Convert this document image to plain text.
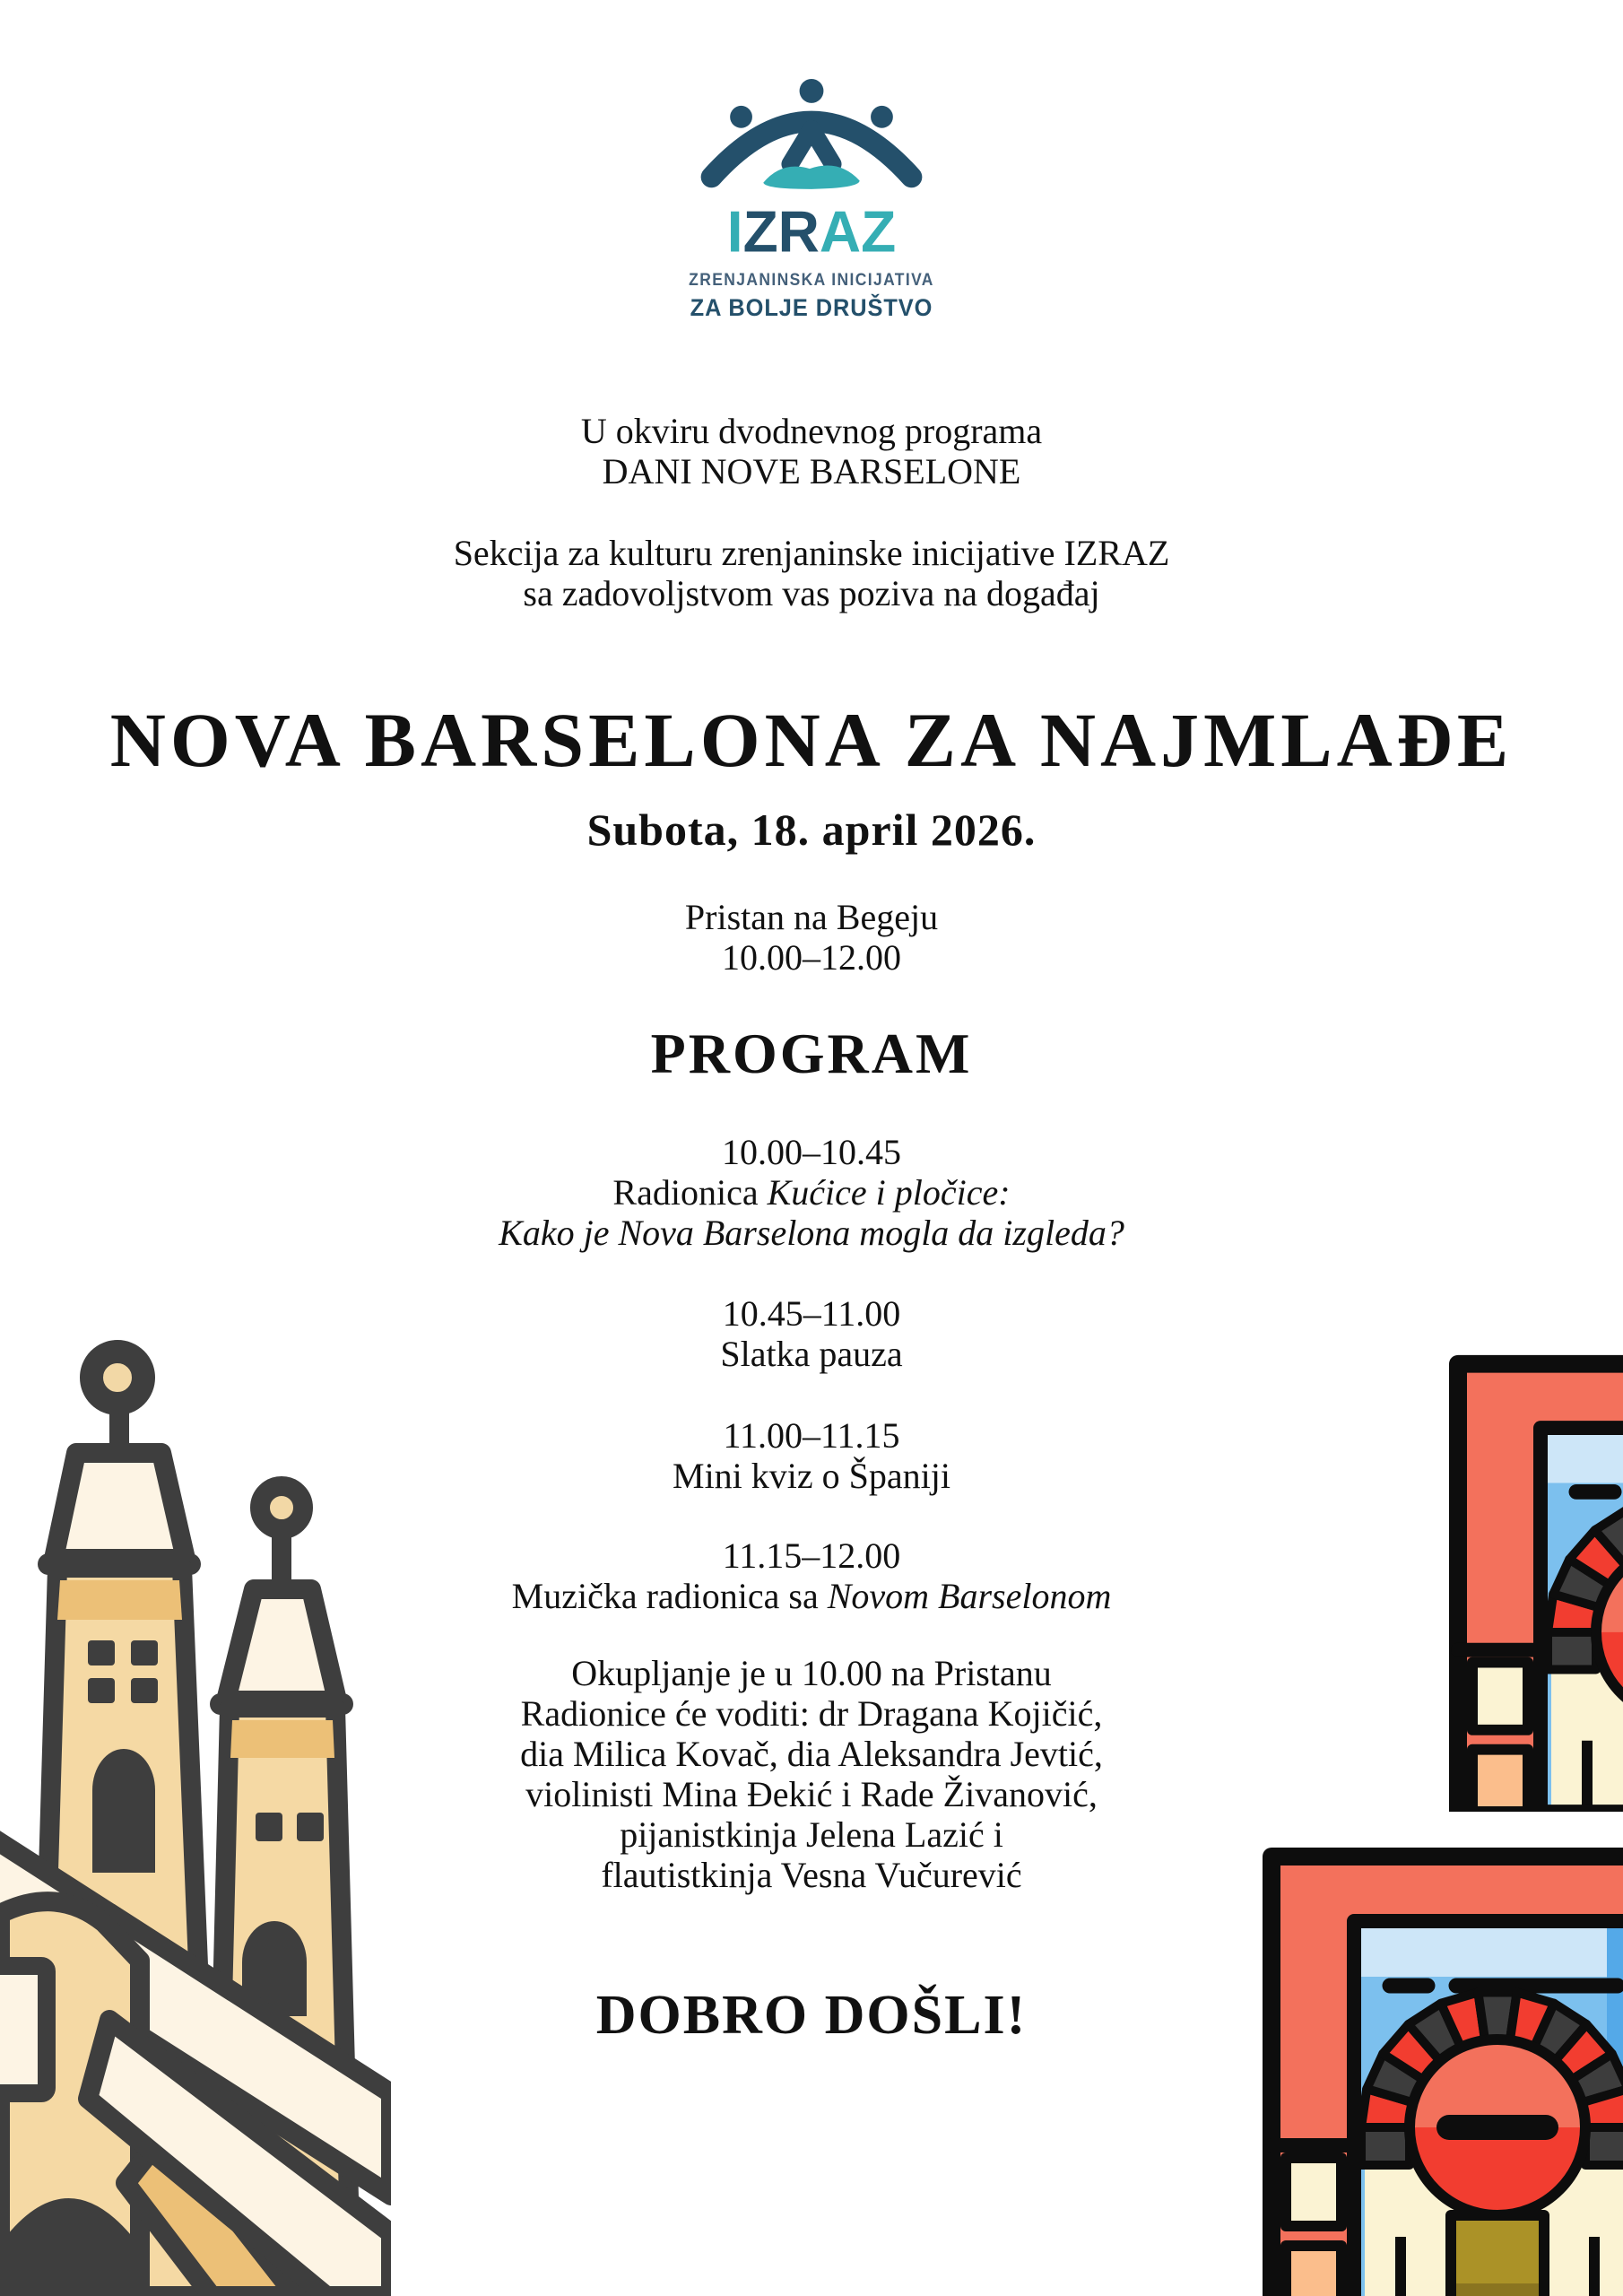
IZRAZ
ZRENJANINSKA INICIJATIVA
ZA BOLJE DRUŠTVO
U okviru dvodnevnog programa
DANI NOVE BARSELONE
Sekcija za kulturu zrenjaninske inicijative IZRAZ
sa zadovoljstvom vas poziva na događaj
NOVA BARSELONA ZA NAJMLAĐE
Subota, 18. april 2026.
Pristan na Begeju
10.00–12.00
PROGRAM
10.00–10.45
Radionica Kućice i pločice:
Kako je Nova Barselona mogla da izgleda?
10.45–11.00
Slatka pauza
11.00–11.15
Mini kviz o Španiji
11.15–12.00
Muzička radionica sa Novom Barselonom
Okupljanje je u 10.00 na Pristanu
Radionice će voditi: dr Dragana Kojičić,
dia Milica Kovač, dia Aleksandra Jevtić,
violinisti Mina Đekić i Rade Živanović,
pijanistkinja Jelena Lazić i
flautistkinja Vesna Vučurević
DOBRO DOŠLI!
